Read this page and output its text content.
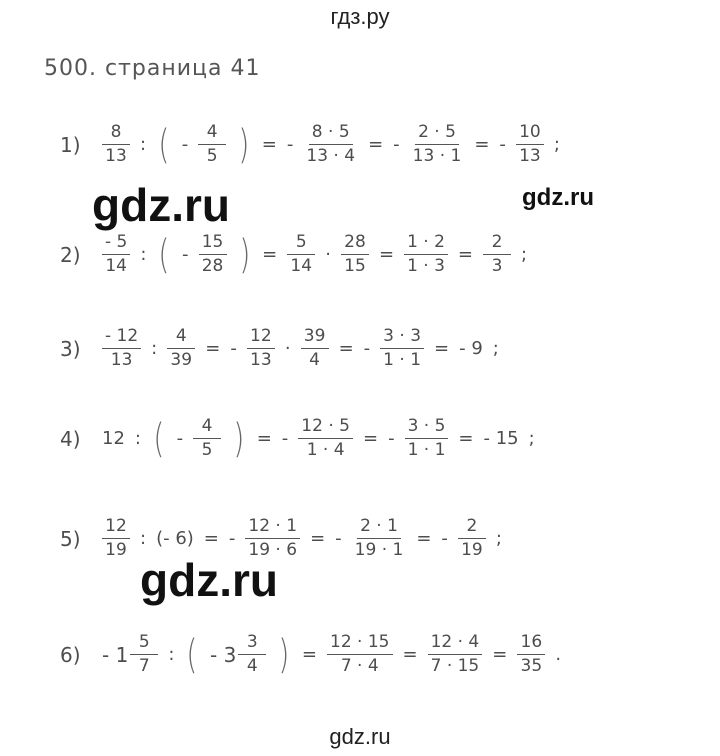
гдз.ру
500. страница 41
gdz.ru	gdz.ru
gdz.ru
1)	$\frac{8}{13}$ : ( - $\frac{4}{5}$ ) = - $\frac{8 \cdot 5}{13 \cdot 4}$ = - $\frac{2 \cdot 5}{13 \cdot 1}$ = - $\frac{10}{13}$ ;
2)	$\frac{- 5}{14}$ : ( - $\frac{15}{28}$ ) = $\frac{5}{14} \cdot \frac{28}{15} = \frac{1 \cdot 2}{1 \cdot 3} = \frac{2}{3}$ ;
3)	$\frac{- 12}{13}$ : $\frac{4}{39}$ = - $\frac{12}{13} \cdot \frac{39}{4}$ = - $\frac{3 \cdot 3}{1 \cdot 1}$ = - 9 ;
4)	12 : ( - $\frac{4}{5}$ ) = - $\frac{12 \cdot 5}{1 \cdot 4}$ = - $\frac{3 \cdot 5}{1 \cdot 1}$ = - 15 ;
5)	$\frac{12}{19}$ : (- 6) = - $\frac{12 \cdot 1}{19 \cdot 6}$ = - $\frac{2 \cdot 1}{19 \cdot 1}$ = - $\frac{2}{19}$ ;
6)	- $1 \frac{5}{7}$ : ( - $3 \frac{3}{4}$ ) = $\frac{12 \cdot 15}{7 \cdot 4} = \frac{12 \cdot 4}{7 \cdot 15} = \frac{16}{35}$ .
gdz.ru
